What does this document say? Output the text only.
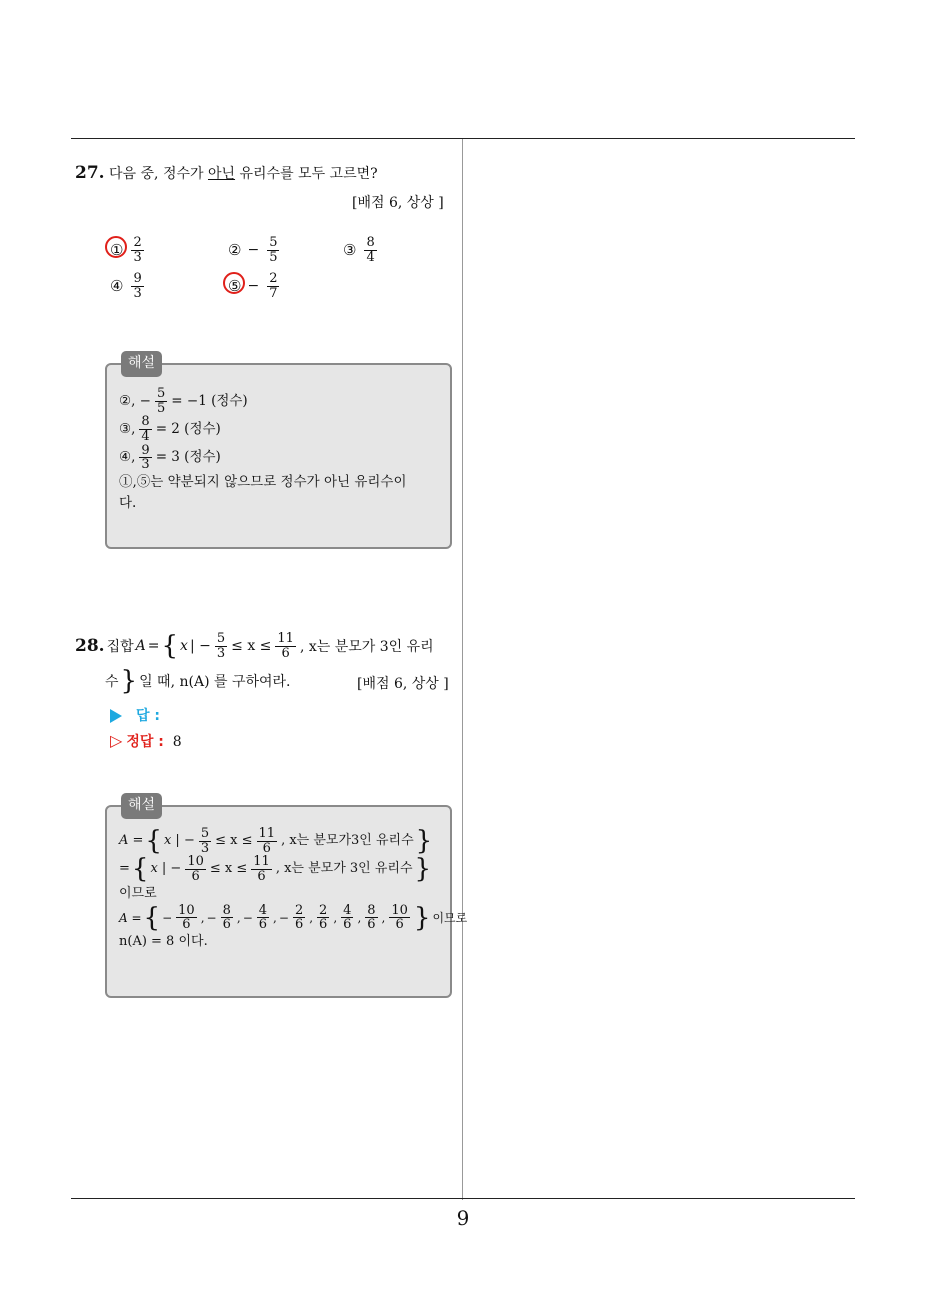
9
27. 다음 중, 정수가 아닌 유리수를 모두 고르면?
[배점 6, 상상 ]
① $\frac{2}{3}$	② − $\frac{5}{5}$	③ $\frac{8}{4}$
④ $\frac{9}{3}$	⑤ − $\frac{2}{7}$
해설
②, − $\frac{5}{5} = -1$ (정수)
③, $\frac{8}{4} = 2$ (정수)
④, $\frac{9}{3} = 3$ (정수)
①,⑤는 약분되지 않으므로 정수가 아닌 유리수이
다.
28. 집합 A = { x | − $\frac{5}{3} \le x \le \frac{11}{6}$ , x는 분모가 3인 유리
수 } 일 때, n(A) 를 구하여라.	[배점 6, 상상 ]
답 :
▷ 정답 : 8
해설
A = { x | − $\frac{5}{3} \le x \le \frac{11}{6}$ , x는 분모가3인 유리수 }
= { x | − $\frac{10}{6} \le x \le \frac{11}{6}$ , x는 분모가 3인 유리수 }
이므로
A = { − $\frac{10}{6}$ , − $\frac{8}{6}$ , − $\frac{4}{6}$ , − $\frac{2}{6}$ , $\frac{2}{6}$ , $\frac{4}{6}$ , $\frac{8}{6}$ , $\frac{10}{6}$ } 이므로
n(A) = 8 이다.
